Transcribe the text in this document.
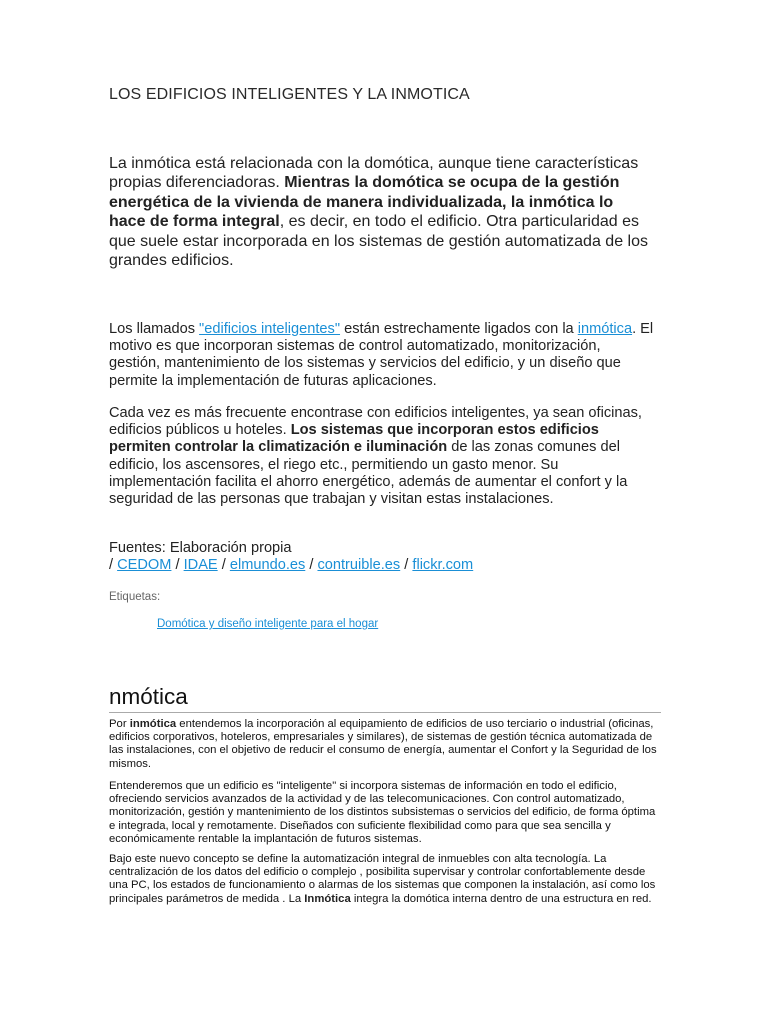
LOS EDIFICIOS INTELIGENTES Y LA INMOTICA

La inmótica está relacionada con la domótica, aunque tiene características propias diferenciadoras. Mientras la domótica se ocupa de la gestión energética de la vivienda de manera individualizada, la inmótica lo hace de forma integral, es decir, en todo el edificio. Otra particularidad es que suele estar incorporada en los sistemas de gestión automatizada de los grandes edificios.

Los llamados "edificios inteligentes" están estrechamente ligados con la inmótica. El motivo es que incorporan sistemas de control automatizado, monitorización, gestión, mantenimiento de los sistemas y servicios del edificio, y un diseño que permite la implementación de futuras aplicaciones.

Cada vez es más frecuente encontrase con edificios inteligentes, ya sean oficinas, edificios públicos u hoteles. Los sistemas que incorporan estos edificios permiten controlar la climatización e iluminación de las zonas comunes del edificio, los ascensores, el riego etc., permitiendo un gasto menor. Su implementación facilita el ahorro energético, además de aumentar el confort y la seguridad de las personas que trabajan y visitan estas instalaciones.

Fuentes: Elaboración propia
/ CEDOM / IDAE / elmundo.es / contruible.es / flickr.com

Etiquetas:

Domótica y diseño inteligente para el hogar
nmótica

Por inmótica entendemos la incorporación al equipamiento de edificios de uso terciario o industrial (oficinas, edificios corporativos, hoteleros, empresariales y similares), de sistemas de gestión técnica automatizada de las instalaciones, con el objetivo de reducir el consumo de energía, aumentar el Confort y la Seguridad de los mismos.

Entenderemos que un edificio es "inteligente" si incorpora sistemas de información en todo el edificio, ofreciendo servicios avanzados de la actividad y de las telecomunicaciones. Con control automatizado, monitorización, gestión y mantenimiento de los distintos subsistemas o servicios del edificio, de forma óptima e integrada, local y remotamente. Diseñados con suficiente flexibilidad como para que sea sencilla y económicamente rentable la implantación de futuros sistemas.

Bajo este nuevo concepto se define la automatización integral de inmuebles con alta tecnología. La centralización de los datos del edificio o complejo , posibilita supervisar y controlar confortablemente desde una PC, los estados de funcionamiento o alarmas de los sistemas que componen la instalación, así como los principales parámetros de medida . La Inmótica integra la domótica interna dentro de una estructura en red.
